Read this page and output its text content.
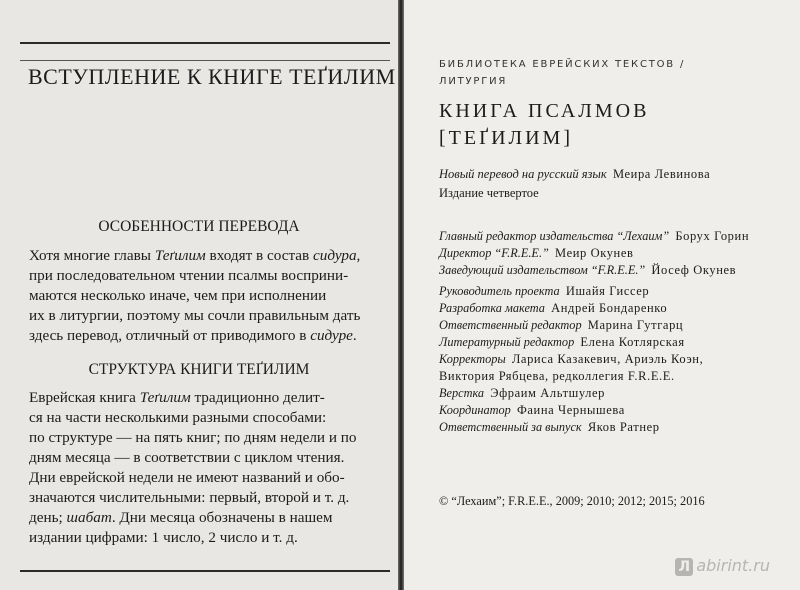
ВСТУПЛЕНИЕ К КНИГЕ ТЕҐИЛИМ
ОСОБЕННОСТИ ПЕРЕВОДА
Хотя многие главы Теґилим входят в состав сидура,
при последовательном чтении псалмы восприни-
маются несколько иначе, чем при исполнении
их в литургии, поэтому мы сочли правильным дать
здесь перевод, отличный от приводимого в сидуре.
СТРУКТУРА КНИГИ ТЕҐИЛИМ
Еврейская книга Теґилим традиционно делит-
ся на части несколькими разными способами:
по структуре — на пять книг; по дням недели и по
дням месяца — в соответствии с циклом чтения.
Дни еврейской недели не имеют названий и обо-
значаются числительными: первый, второй и т. д.
день; шабат. Дни месяца обозначены в нашем
издании цифрами: 1 число, 2 число и т. д.
БИБЛИОТЕКА ЕВРЕЙСКИХ ТЕКСТОВ /
ЛИТУРГИЯ
КНИГА ПСАЛМОВ
[ТЕҐИЛИМ]
Новый перевод на русский язык Меира Левинова
Издание четвертое
Главный редактор издательства “Лехаим” Борух Горин
Директор “F.R.E.E.” Меир Окунев
Заведующий издательством “F.R.E.E.” Йосеф Окунев
Руководитель проекта Ишайя Гиссер
Разработка макета Андрей Бондаренко
Ответственный редактор Марина Гутгарц
Литературный редактор Елена Котлярская
Корректоры Лариса Казакевич, Ариэль Коэн,
Виктория Рябцева, редколлегия F.R.E.E.
Верстка Эфраим Альтшулер
Координатор Фаина Чернышева
Ответственный за выпуск Яков Ратнер
© “Лехаим”; F.R.E.E., 2009; 2010; 2012; 2015; 2016
Л abirint.ru
